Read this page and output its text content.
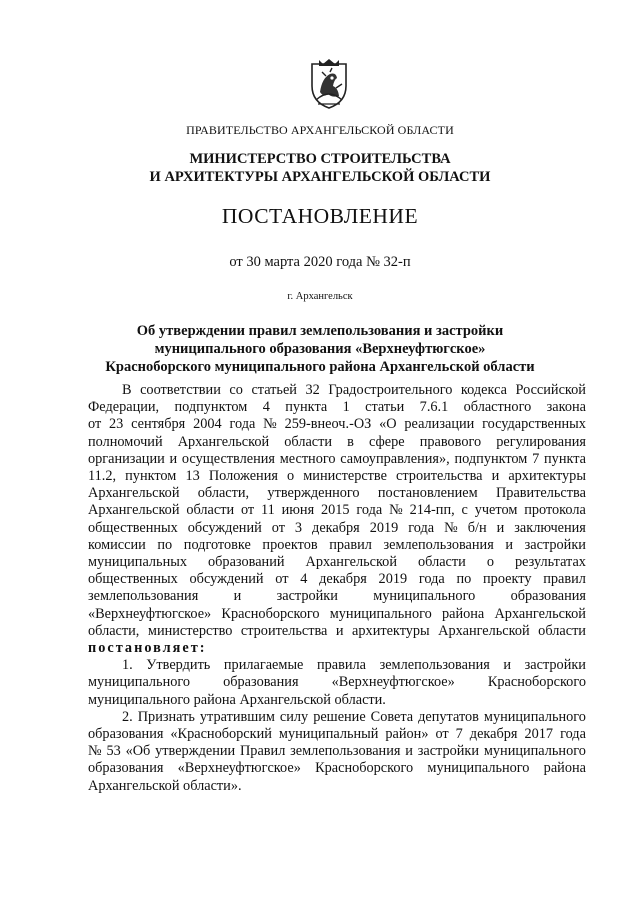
ПРАВИТЕЛЬСТВО АРХАНГЕЛЬСКОЙ ОБЛАСТИ
МИНИСТЕРСТВО СТРОИТЕЛЬСТВА
И АРХИТЕКТУРЫ АРХАНГЕЛЬСКОЙ ОБЛАСТИ
ПОСТАНОВЛЕНИЕ
от 30 марта 2020 года № 32-п
г. Архангельск
Об утверждении правил землепользования и застройки
муниципального образования «Верхнеуфтюгское»
Красноборского муниципального района Архангельской области
В соответствии со статьей 32 Градостроительного кодекса Российской
Федерации, подпунктом 4 пункта 1 статьи 7.6.1 областного закона
от 23 сентября 2004 года № 259-внеоч.-ОЗ «О реализации государственных
полномочий Архангельской области в сфере правового регулирования
организации и осуществления местного самоуправления», подпунктом 7 пункта
11.2, пунктом 13 Положения о министерстве строительства и архитектуры
Архангельской области, утвержденного постановлением Правительства
Архангельской области от 11 июня 2015 года № 214-пп, с учетом протокола
общественных обсуждений от 3 декабря 2019 года № б/н и заключения
комиссии по подготовке проектов правил землепользования и застройки
муниципальных образований Архангельской области о результатах
общественных обсуждений от 4 декабря 2019 года по проекту правил
землепользования и застройки муниципального образования
«Верхнеуфтюгское» Красноборского муниципального района Архангельской
области, министерство строительства и архитектуры Архангельской области
постановляет:
1. Утвердить прилагаемые правила землепользования и застройки
муниципального образования «Верхнеуфтюгское» Красноборского
муниципального района Архангельской области.
2. Признать утратившим силу решение Совета депутатов муниципального
образования «Красноборский муниципальный район» от 7 декабря 2017 года
№ 53 «Об утверждении Правил землепользования и застройки муниципального
образования «Верхнеуфтюгское» Красноборского муниципального района
Архангельской области».
